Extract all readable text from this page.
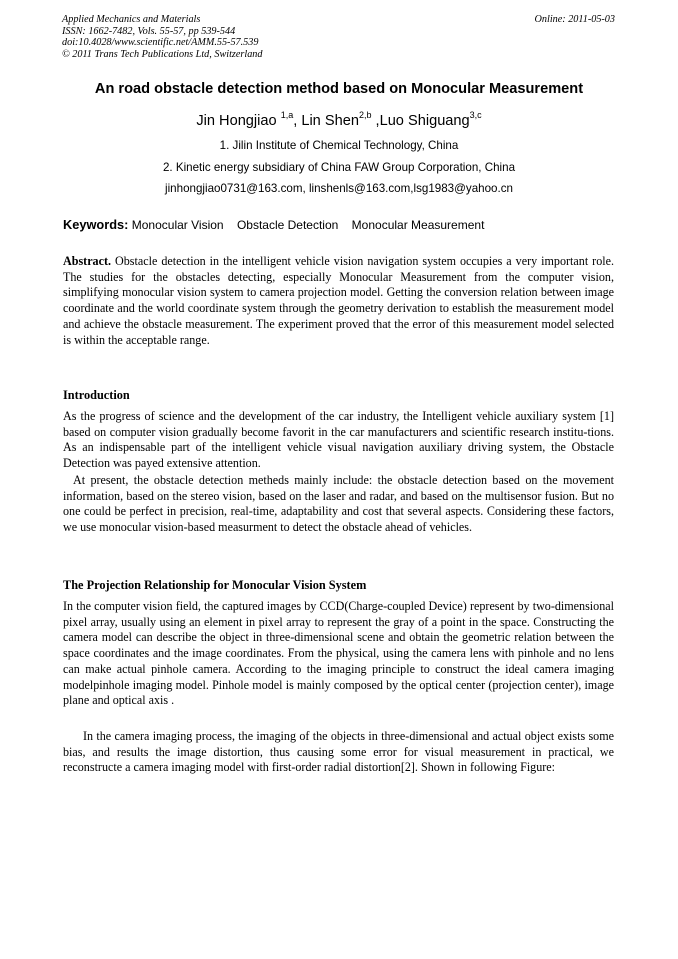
Applied Mechanics and Materials
ISSN: 1662-7482, Vols. 55-57, pp 539-544
doi:10.4028/www.scientific.net/AMM.55-57.539
© 2011 Trans Tech Publications Ltd, Switzerland
Online: 2011-05-03
An road obstacle detection method based on Monocular Measurement
Jin Hongjiao $^{1,a}$, Lin Shen$^{2,b}$ ,Luo Shiguang$^{3,c}$
1. Jilin Institute of Chemical Technology, China
2. Kinetic energy subsidiary of China FAW Group Corporation, China
jinhongjiao0731@163.com, linshenls@163.com,lsg1983@yahoo.cn
Keywords: Monocular Vision Obstacle Detection Monocular Measurement

Abstract. Obstacle detection in the intelligent vehicle vision navigation system occupies a very important role. The studies for the obstacles detecting, especially Monocular Measurement from the computer vision, simplifying monocular vision system to camera projection model. Getting the conversion relation between image coordinate and the world coordinate system through the geometry derivation to establish the measurement model and achieve the obstacle measurement. The experiment proved that the error of this measurement model selected is within the acceptable range.

Introduction

As the progress of science and the development of the car industry, the Intelligent vehicle auxiliary system [1] based on computer vision gradually become favorit in the car manufacturers and scientific research institu-tions. As an indispensable part of the intelligent vehicle visual navigation auxiliary driving system, the Obstacle Detection was payed extensive attention.

At present, the obstacle detection metheds mainly include: the obstacle detection based on the movement information, based on the stereo vision, based on the laser and radar, and based on the multisensor fusion. But no one could be perfect in precision, real-time, adaptability and cost that several aspects. Considering these factors, we use monocular vision-based measurment to detect the obstacle ahead of vehicles.

The Projection Relationship for Monocular Vision System

In the computer vision field, the captured images by CCD(Charge-coupled Device) represent by two-dimensional pixel array, usually using an element in pixel array to represent the gray of a point in the space. Constructing the camera model can describe the object in three-dimensional scene and obtain the geometric relation between the space coordinates and the image coordinates. From the physical, using the camera lens with pinhole and no lens can make actual pinhole camera. According to the imaging principle to construct the ideal camera imaging modelpinhole imaging model. Pinhole model is mainly composed by the optical center (projection center), image plane and optical axis .

In the camera imaging process, the imaging of the objects in three-dimensional and actual object exists some bias, and results the image distortion, thus causing some error for visual measurement in practical, we reconstructe a camera imaging model with first-order radial distortion[2]. Shown in following Figure:
